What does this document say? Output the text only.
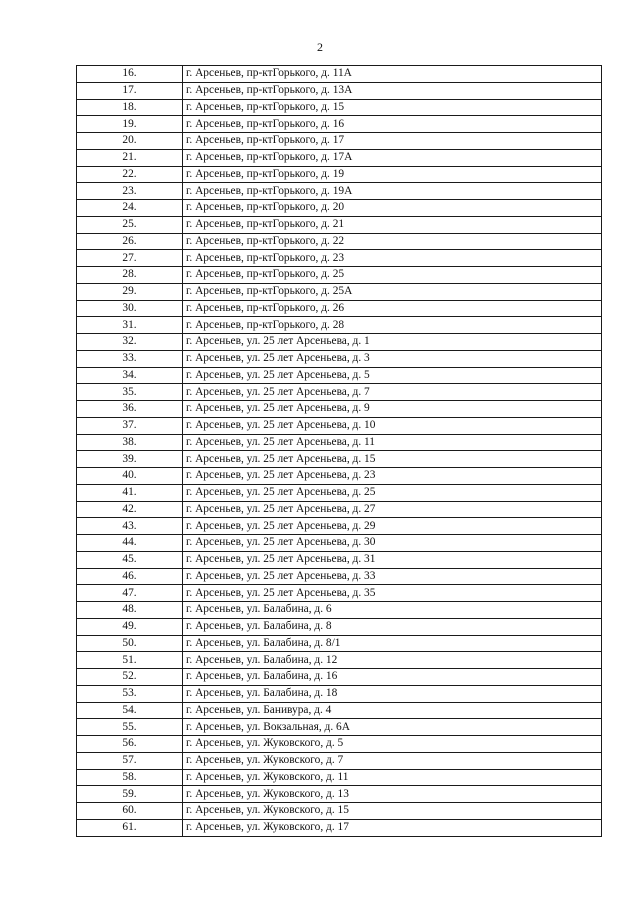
2
16.	г. Арсеньев, пр-ктГорького, д. 11А
17.	г. Арсеньев, пр-ктГорького, д. 13А
18.	г. Арсеньев, пр-ктГорького, д. 15
19.	г. Арсеньев, пр-ктГорького, д. 16
20.	г. Арсеньев, пр-ктГорького, д. 17
21.	г. Арсеньев, пр-ктГорького, д. 17А
22.	г. Арсеньев, пр-ктГорького, д. 19
23.	г. Арсеньев, пр-ктГорького, д. 19А
24.	г. Арсеньев, пр-ктГорького, д. 20
25.	г. Арсеньев, пр-ктГорького, д. 21
26.	г. Арсеньев, пр-ктГорького, д. 22
27.	г. Арсеньев, пр-ктГорького, д. 23
28.	г. Арсеньев, пр-ктГорького, д. 25
29.	г. Арсеньев, пр-ктГорького, д. 25А
30.	г. Арсеньев, пр-ктГорького, д. 26
31.	г. Арсеньев, пр-ктГорького, д. 28
32.	г. Арсеньев, ул. 25 лет Арсеньева, д. 1
33.	г. Арсеньев, ул. 25 лет Арсеньева, д. 3
34.	г. Арсеньев, ул. 25 лет Арсеньева, д. 5
35.	г. Арсеньев, ул. 25 лет Арсеньева, д. 7
36.	г. Арсеньев, ул. 25 лет Арсеньева, д. 9
37.	г. Арсеньев, ул. 25 лет Арсеньева, д. 10
38.	г. Арсеньев, ул. 25 лет Арсеньева, д. 11
39.	г. Арсеньев, ул. 25 лет Арсеньева, д. 15
40.	г. Арсеньев, ул. 25 лет Арсеньева, д. 23
41.	г. Арсеньев, ул. 25 лет Арсеньева, д. 25
42.	г. Арсеньев, ул. 25 лет Арсеньева, д. 27
43.	г. Арсеньев, ул. 25 лет Арсеньева, д. 29
44.	г. Арсеньев, ул. 25 лет Арсеньева, д. 30
45.	г. Арсеньев, ул. 25 лет Арсеньева, д. 31
46.	г. Арсеньев, ул. 25 лет Арсеньева, д. 33
47.	г. Арсеньев, ул. 25 лет Арсеньева, д. 35
48.	г. Арсеньев, ул. Балабина, д. 6
49.	г. Арсеньев, ул. Балабина, д. 8
50.	г. Арсеньев, ул. Балабина, д. 8/1
51.	г. Арсеньев, ул. Балабина, д. 12
52.	г. Арсеньев, ул. Балабина, д. 16
53.	г. Арсеньев, ул. Балабина, д. 18
54.	г. Арсеньев, ул. Банивура, д. 4
55.	г. Арсеньев, ул. Вокзальная, д. 6А
56.	г. Арсеньев, ул. Жуковского, д. 5
57.	г. Арсеньев, ул. Жуковского, д. 7
58.	г. Арсеньев, ул. Жуковского, д. 11
59.	г. Арсеньев, ул. Жуковского, д. 13
60.	г. Арсеньев, ул. Жуковского, д. 15
61.	г. Арсеньев, ул. Жуковского, д. 17
